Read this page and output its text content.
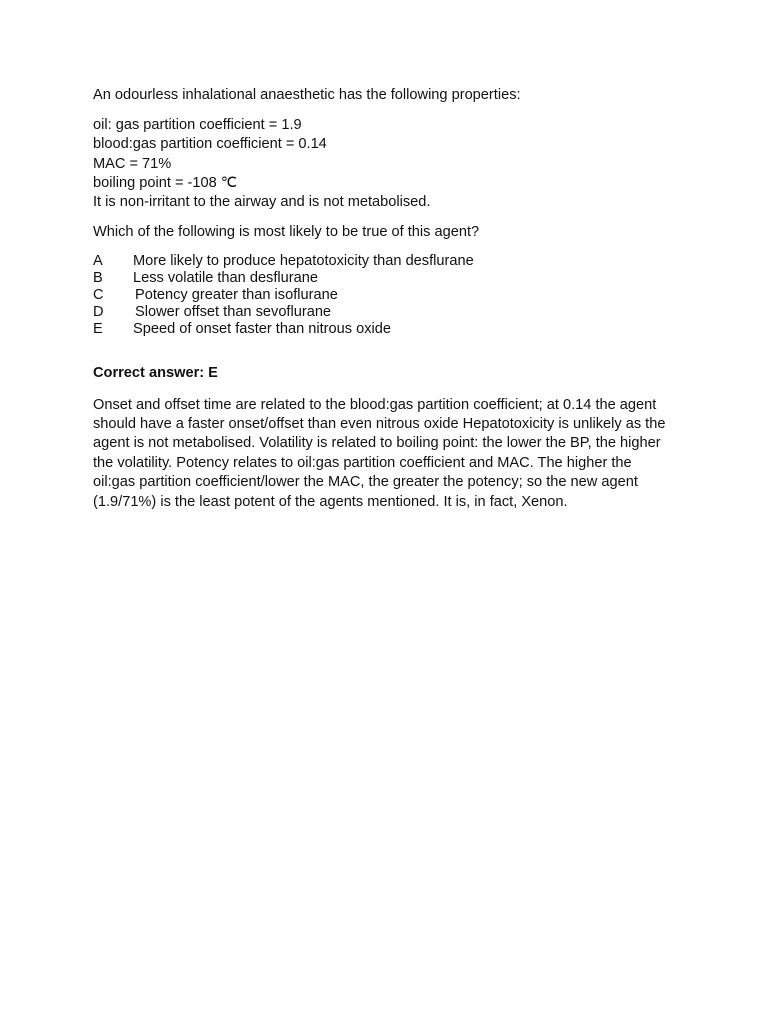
An odourless inhalational anaesthetic has the following properties:

oil: gas partition coefficient = 1.9
blood:gas partition coefficient = 0.14
MAC = 71%
boiling point = -108 ℃
It is non-irritant to the airway and is not metabolised.

Which of the following is most likely to be true of this agent?

A	More likely to produce hepatotoxicity than desflurane
B	Less volatile than desflurane
C	Potency greater than isoflurane
D	Slower offset than sevoflurane
E	Speed of onset faster than nitrous oxide

Correct answer: E

Onset and offset time are related to the blood:gas partition coefficient; at 0.14 the agent should have a faster onset/offset than even nitrous oxide Hepatotoxicity is unlikely as the agent is not metabolised. Volatility is related to boiling point: the lower the BP, the higher the volatility. Potency relates to oil:gas partition coefficient and MAC. The higher the oil:gas partition coefficient/lower the MAC, the greater the potency; so the new agent (1.9/71%) is the least potent of the agents mentioned. It is, in fact, Xenon.
